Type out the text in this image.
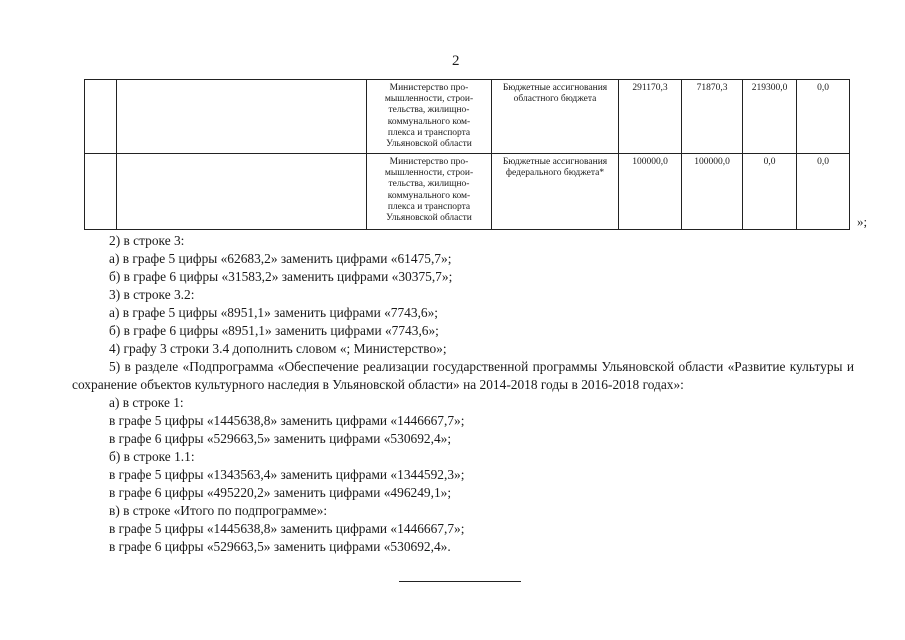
2

		Министерство про-мышленности, строи-тельства, жилищно-коммунального ком-плекса и транспорта Ульяновской области	Бюджетные ассигнования областного бюджета	291170,3	71870,3	219300,0	0,0

		Министерство про-мышленности, строи-тельства, жилищно-коммунального ком-плекса и транспорта Ульяновской области	Бюджетные ассигнования федерального бюджета*	100000,0	100000,0	0,0	0,0
»;
2) в строке 3:
а) в графе 5 цифры «62683,2» заменить цифрами «61475,7»;
б) в графе 6 цифры «31583,2» заменить цифрами «30375,7»;
3) в строке 3.2:
а) в графе 5 цифры «8951,1» заменить цифрами «7743,6»;
б) в графе 6 цифры «8951,1» заменить цифрами «7743,6»;
4) графу 3 строки 3.4 дополнить словом «; Министерство»;
5) в разделе «Подпрограмма «Обеспечение реализации государственной программы Ульяновской области «Развитие культуры и сохранение объектов культурного наследия в Ульяновской области» на 2014-2018 годы в 2016-2018 годах»:
а) в строке 1:
в графе 5 цифры «1445638,8» заменить цифрами «1446667,7»;
в графе 6 цифры «529663,5» заменить цифрами «530692,4»;
б) в строке 1.1:
в графе 5 цифры «1343563,4» заменить цифрами «1344592,3»;
в графе 6 цифры «495220,2» заменить цифрами «496249,1»;
в) в строке «Итого по подпрограмме»:
в графе 5 цифры «1445638,8» заменить цифрами «1446667,7»;
в графе 6 цифры «529663,5» заменить цифрами «530692,4».
